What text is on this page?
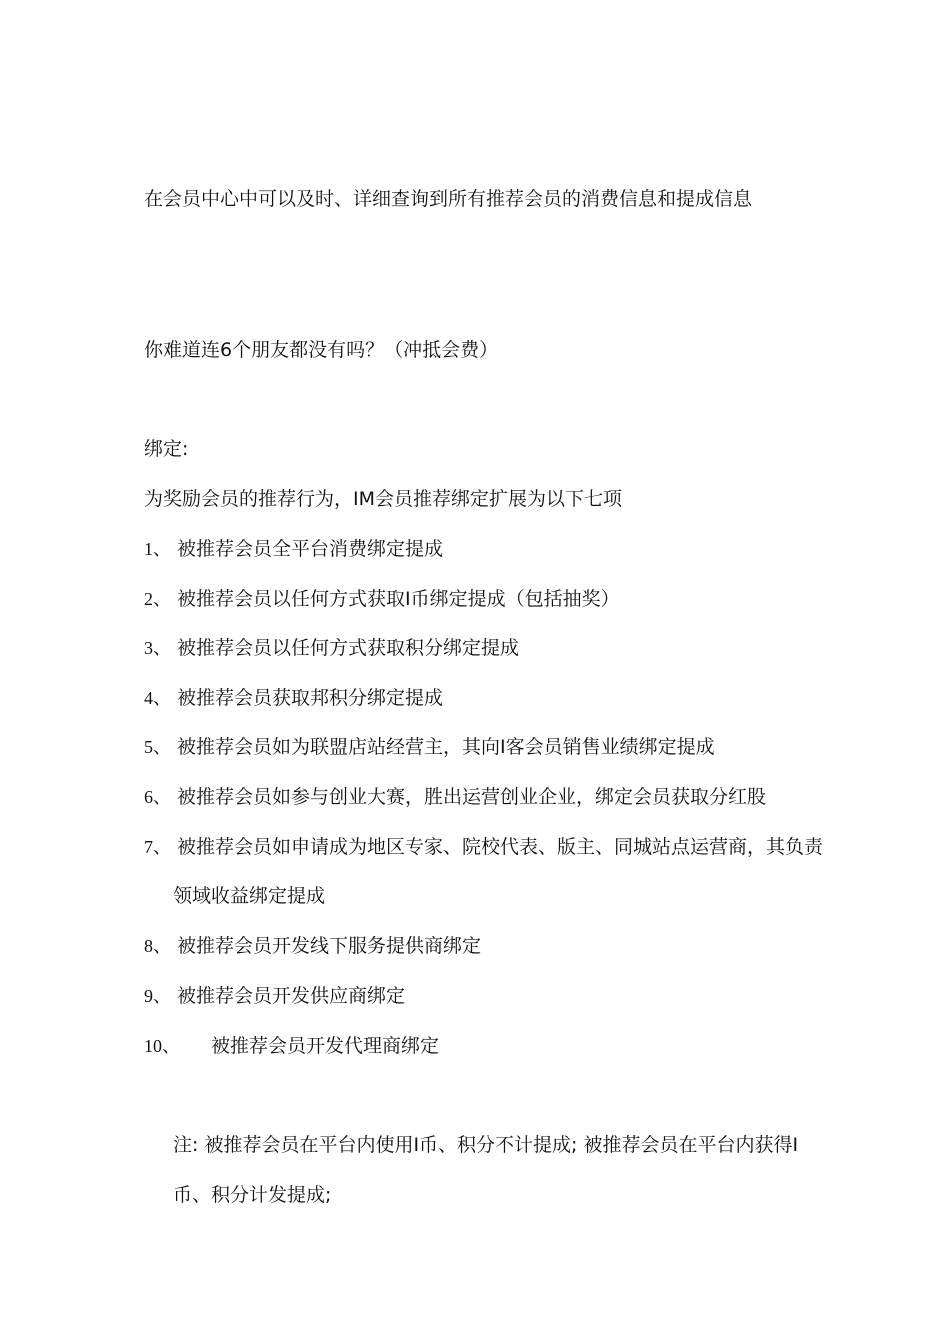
在会员中心中可以及时、详细查询到所有推荐会员的消费信息和提成信息
你难道连6个朋友都没有吗？（冲抵会费）
绑定:
为奖励会员的推荐行为，IM会员推荐绑定扩展为以下七项
1、 被推荐会员全平台消费绑定提成
2、 被推荐会员以任何方式获取I币绑定提成（包括抽奖）
3、 被推荐会员以任何方式获取积分绑定提成
4、 被推荐会员获取邦积分绑定提成
5、 被推荐会员如为联盟店站经营主，其向I客会员销售业绩绑定提成
6、 被推荐会员如参与创业大赛，胜出运营创业企业，绑定会员获取分红股
7、 被推荐会员如申请成为地区专家、院校代表、版主、同城站点运营商，其负责
领域收益绑定提成
8、 被推荐会员开发线下服务提供商绑定
9、 被推荐会员开发供应商绑定
10、 被推荐会员开发代理商绑定
注: 被推荐会员在平台内使用I币、积分不计提成; 被推荐会员在平台内获得I
币、积分计发提成;
